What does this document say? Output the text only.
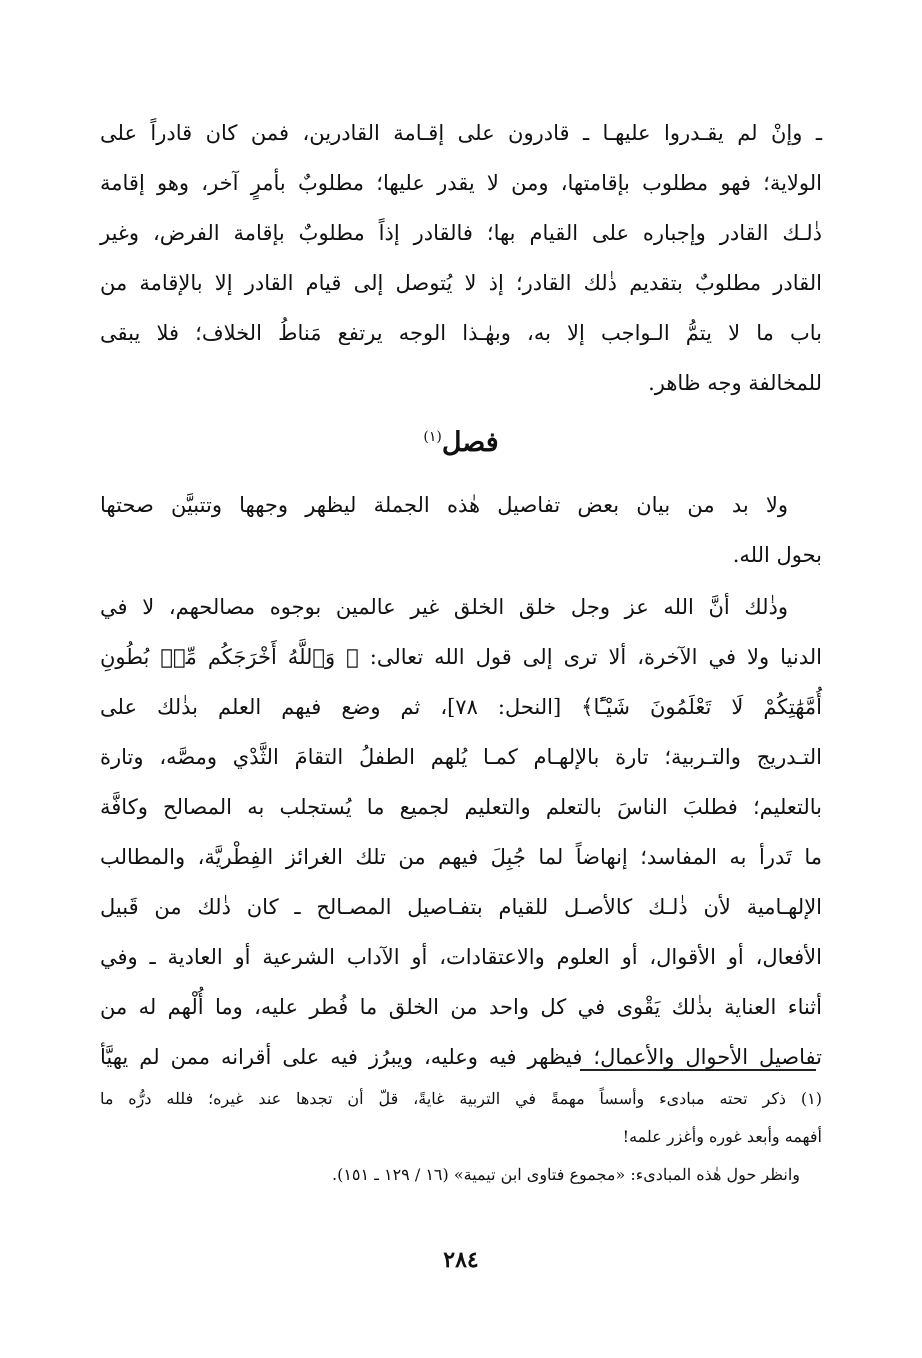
ـ وإنْ لم يقـدروا عليهـا ـ قادرون على إقـامة القادرين، فمن كان قادراً على
الولاية؛ فهو مطلوب بإقامتها، ومن لا يقدر عليها؛ مطلوبٌ بأمرٍ آخر، وهو إقامة
ذٰلـك القادر وإجباره على القيام بها؛ فالقادر إذاً مطلوبٌ بإقامة الفرض، وغير
القادر مطلوبٌ بتقديم ذٰلك القادر؛ إذ لا يُتوصل إلى قيام القادر إلا بالإقامة من
باب ما لا يتمُّ الـواجب إلا به، وبهٰـذا الوجه يرتفع مَناطُ الخلاف؛ فلا يبقى
للمخالفة وجه ظاهر.
فصل$^{(١)}$
ولا بد من بيان بعض تفاصيل هٰذه الجملة ليظهر وجهها وتتبيَّن صحتها
بحول الله.
وذٰلك أنَّ الله عز وجل خلق الخلق غير عالمين بوجوه مصالحهم، لا في
الدنيا ولا في الآخرة، ألا ترى إلى قول الله تعالى: ﴿ وَٱللَّهُ أَخْرَجَكُم مِّنۢ بُطُونِ
أُمَّهَٰتِكُمْ لَا تَعْلَمُونَ شَيْـًٔا﴾ [النحل: ٧٨]، ثم وضع فيهم العلم بذٰلك على
التـدريج والتـربية؛ تارة بالإلهـام كمـا يُلهم الطفلُ التقامَ الثَّدْي ومصَّه، وتارة
بالتعليم؛ فطلبَ الناسَ بالتعلم والتعليم لجميع ما يُستجلب به المصالح وكافَّة
ما تَدرأ به المفاسد؛ إنهاضاً لما جُبِلَ فيهم من تلك الغرائز الفِطْريَّة، والمطالب
الإلهـامية لأن ذٰلـك كالأصـل للقيام بتفـاصيل المصـالح ـ كان ذٰلك من قَبيل
الأفعال، أو الأقوال، أو العلوم والاعتقادات، أو الآداب الشرعية أو العادية ـ وفي
أثناء العناية بذٰلك يَقْوى في كل واحد من الخلق ما فُطر عليه، وما أُلْهم له من
تفاصيل الأحوال والأعمال؛ فيظهر فيه وعليه، ويبرُز فيه على أقرانه ممن لم يهيَّأ
(١) ذكر تحته مبادىء وأسساً مهمةً في التربية غايةً، قلّ أن تجدها عند غيره؛ فلله درُّه ما
أفهمه وأبعد غوره وأغزر علمه!
وانظر حول هٰذه المبادىء: «مجموع فتاوى ابن تيمية» (١٦ / ١٢٩ ـ ١٥١).
٢٨٤
